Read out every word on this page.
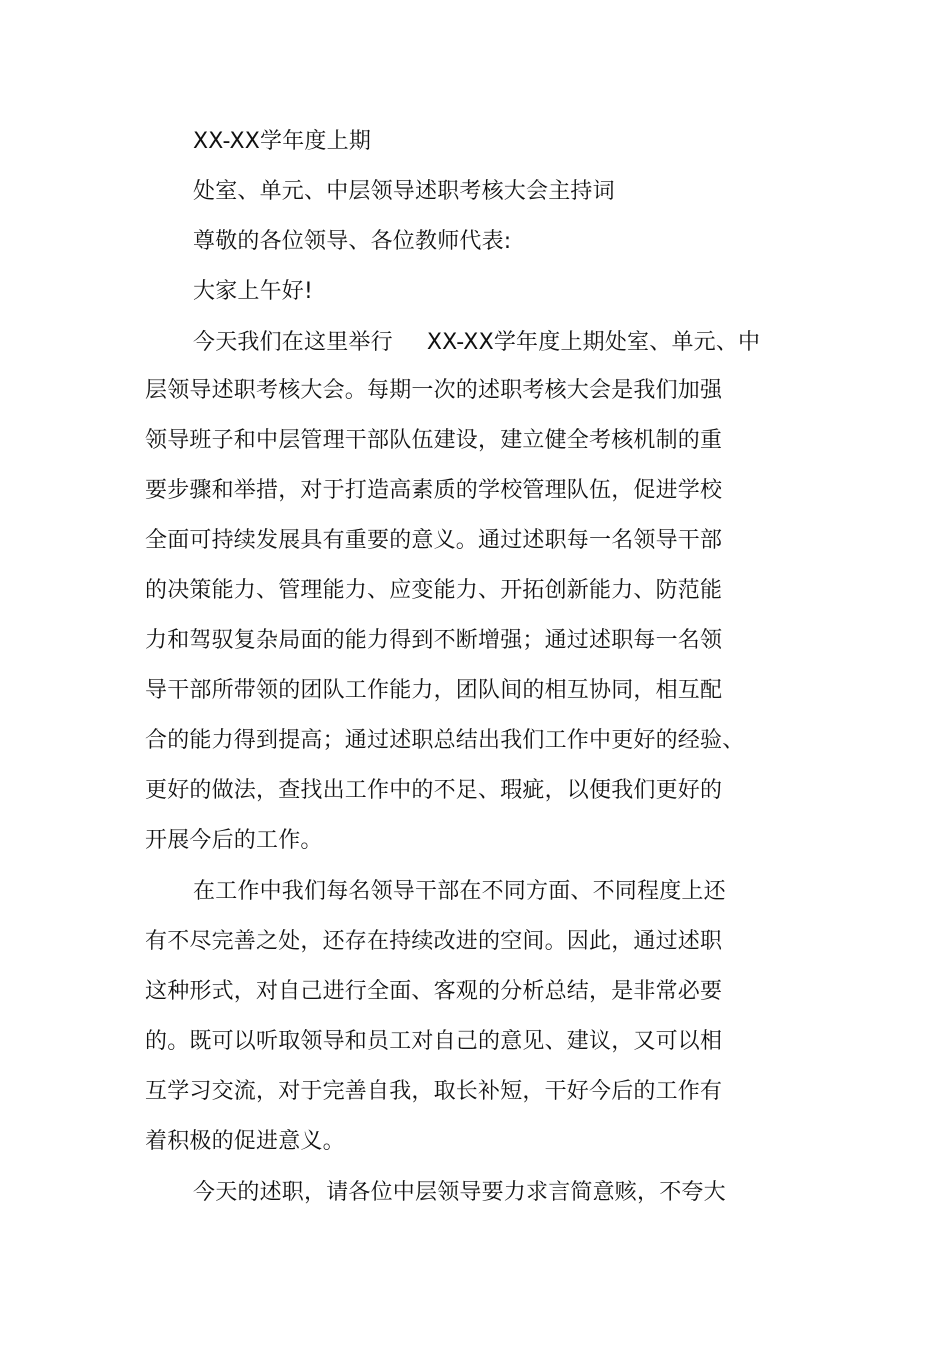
XX-XX学年度上期
处室、单元、中层领导述职考核大会主持词
尊敬的各位领导、各位教师代表:
大家上午好!
今天我们在这里举行 XX-XX学年度上期处室、单元、中
层领导述职考核大会。每期一次的述职考核大会是我们加强
领导班子和中层管理干部队伍建设，建立健全考核机制的重
要步骤和举措，对于打造高素质的学校管理队伍，促进学校
全面可持续发展具有重要的意义。通过述职每一名领导干部
的决策能力、管理能力、应变能力、开拓创新能力、防范能
力和驾驭复杂局面的能力得到不断增强；通过述职每一名领
导干部所带领的团队工作能力，团队间的相互协同，相互配
合的能力得到提高；通过述职总结出我们工作中更好的经验、
更好的做法，查找出工作中的不足、瑕疵，以便我们更好的
开展今后的工作。
在工作中我们每名领导干部在不同方面、不同程度上还
有不尽完善之处，还存在持续改进的空间。因此，通过述职
这种形式，对自己进行全面、客观的分析总结，是非常必要
的。既可以听取领导和员工对自己的意见、建议，又可以相
互学习交流，对于完善自我，取长补短，干好今后的工作有
着积极的促进意义。
今天的述职，请各位中层领导要力求言简意赅，不夸大
